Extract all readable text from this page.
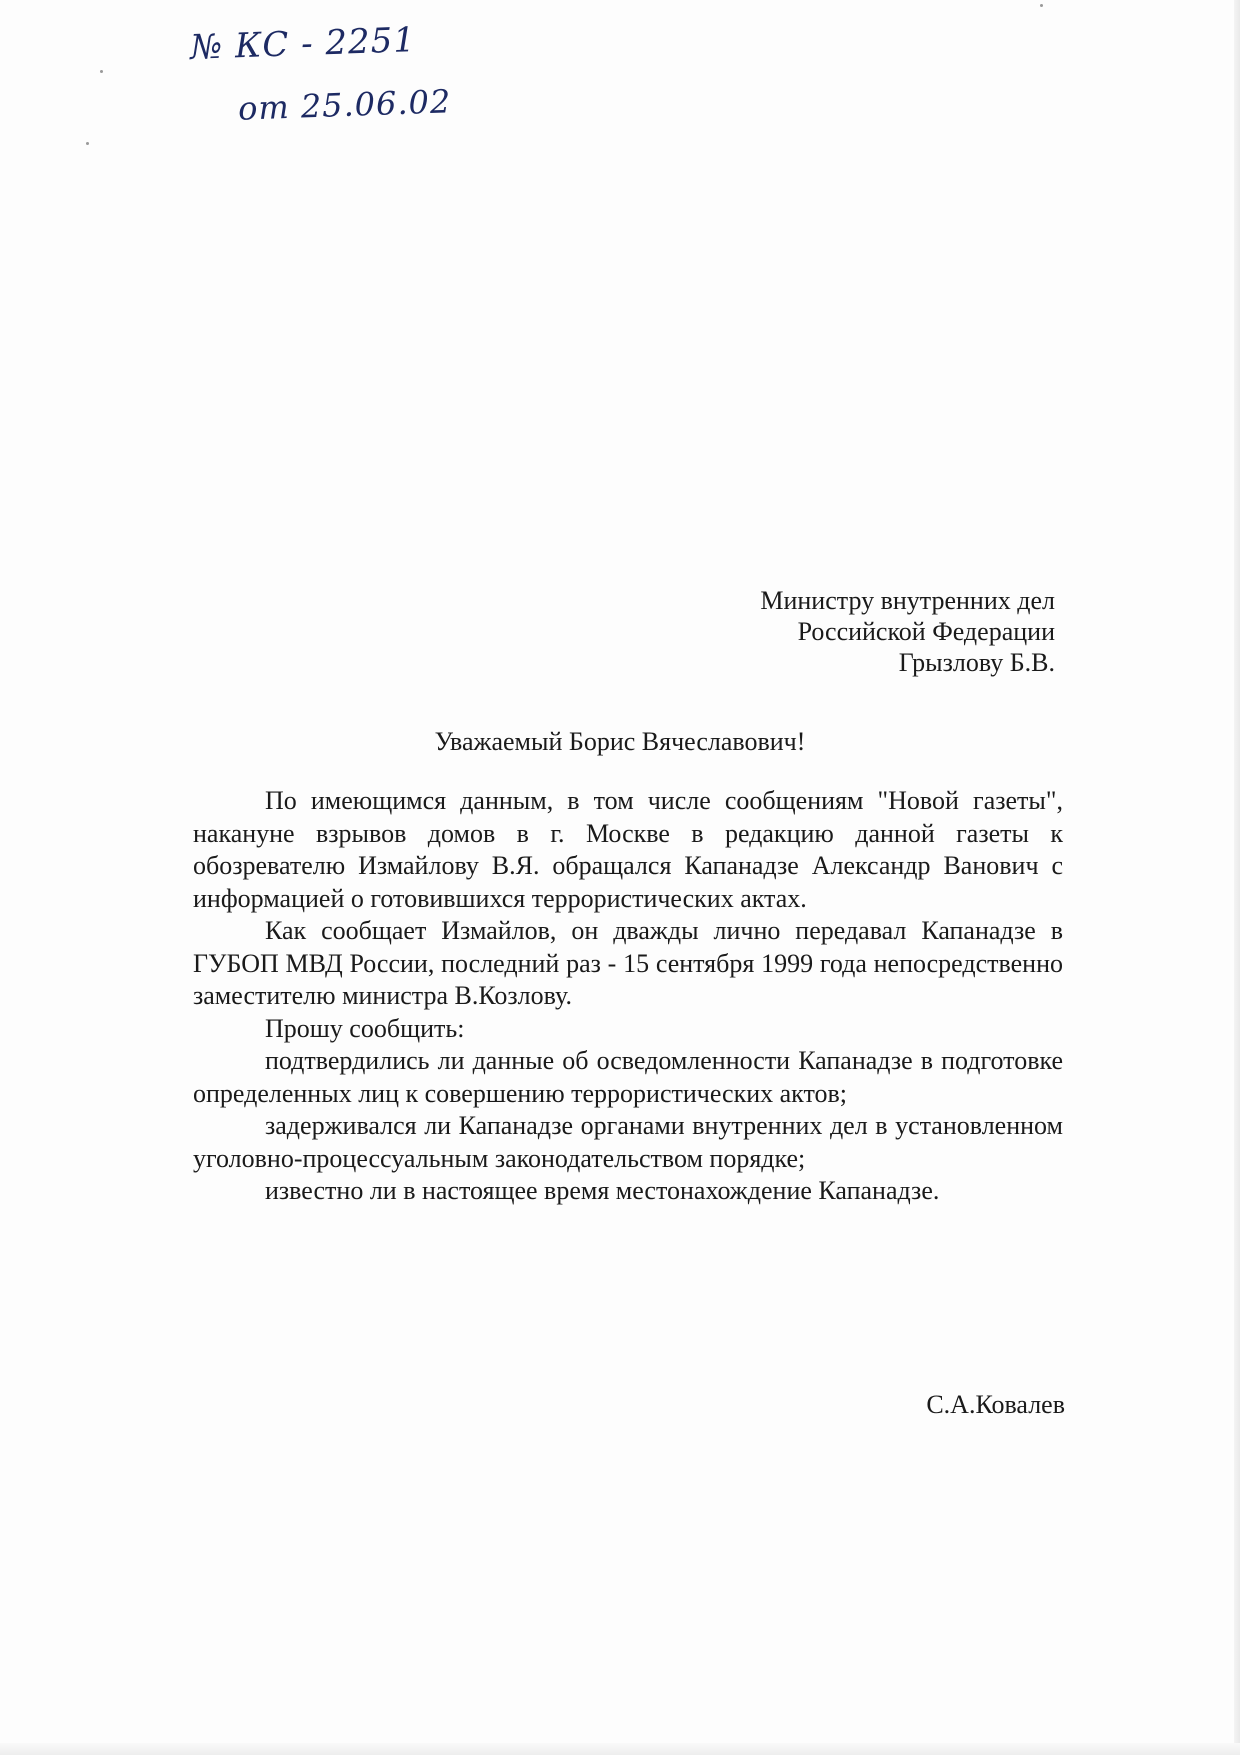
№ КС - 2251
от 25.06.02
Министру внутренних дел
Российской Федерации
Грызлову Б.В.
Уважаемый Борис Вячеславович!

По имеющимся данным, в том числе сообщениям "Новой газеты", накануне взрывов домов в г. Москве в редакцию данной газеты к обозревателю Измайлову В.Я. обращался Капанадзе Александр Ванович с информацией о готовившихся террористических актах.

Как сообщает Измайлов, он дважды лично передавал Капанадзе в ГУБОП МВД России, последний раз - 15 сентября 1999 года непосредственно заместителю министра В.Козлову.

Прошу сообщить:

подтвердились ли данные об осведомленности Капанадзе в подготовке определенных лиц к совершению террористических актов;

задерживался ли Капанадзе органами внутренних дел в установленном уголовно-процессуальным законодательством порядке;

известно ли в настоящее время местонахождение Капанадзе.

С.А.Ковалев
